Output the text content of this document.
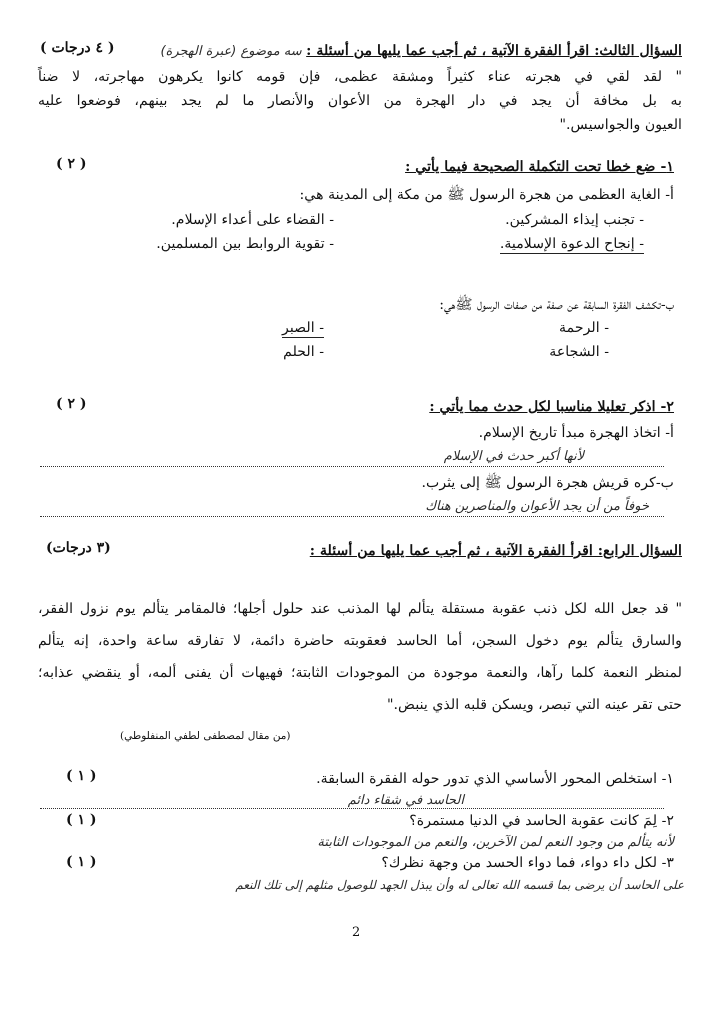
السؤال الثالث: اقرأ الفقرة الآتية ، ثم أجب عما يليها من أسئلة : سه موضوع (عبرة الهجرة)
( ٤ درجات )
" لقد لقي في هجرته عناء كثيراً ومشقة عظمى، فإن قومه كانوا يكرهون مهاجرته، لا ضناً
به بل مخافة أن يجد في دار الهجرة من الأعوان والأنصار ما لم يجد بينهم، فوضعوا عليه
العيون والجواسيس."
١- ضع خطا تحت التكملة الصحيحة فيما يأتي :
( ٢ )
أ- الغاية العظمى من هجرة الرسول ﷺ من مكة إلى المدينة هي:
- تجنب إيذاء المشركين.
- القضاء على أعداء الإسلام.
- إنجاح الدعوة الإسلامية.
- تقوية الروابط بين المسلمين.
ب-تكشف الفقرة السابقة عن صفة من صفات الرسول ﷺهي:
- الرحمة
- الصبر
- الشجاعة
- الحلم
٢- اذكر تعليلا مناسبا لكل حدث مما يأتي :
( ٢ )
أ- اتخاذ الهجرة مبدأ تاريخ الإسلام.
لأنها أكبر حدث في الإسلام
ب-كره قريش هجرة الرسول ﷺ إلى يثرب.
خوفاً من أن يجد الأعوان والمناصرين هناك
السؤال الرابع: اقرأ الفقرة الآتية ، ثم أجب عما يليها من أسئلة :
(٣ درجات)
" قد جعل الله لكل ذنب عقوبة مستقلة يتألم لها المذنب عند حلول أجلها؛ فالمقامر يتألم يوم نزول الفقر،
والسارق يتألم يوم دخول السجن، أما الحاسد فعقوبته حاضرة دائمة، لا تفارقه ساعة واحدة، إنه يتألم
لمنظر النعمة كلما رآها، والنعمة موجودة من الموجودات الثابتة؛ فهيهات أن يفنى ألمه، أو ينقضي عذابه؛
حتى تقر عينه التي تبصر، ويسكن قلبه الذي ينبض."
(من مقال لمصطفى لطفي المنفلوطي)
١- استخلص المحور الأساسي الذي تدور حوله الفقرة السابقة.
( ١ )
الحاسد في شقاء دائم
٢- لِمَ كانت عقوبة الحاسد في الدنيا مستمرة؟
( ١ )
لأنه يتألم من وجود النعم لمن الآخرين، والنعم من الموجودات الثابتة
٣- لكل داء دواء، فما دواء الحسد من وجهة نظرك؟
( ١ )
على الحاسد أن يرضى بما قسمه الله تعالى له وأن يبذل الجهد للوصول مثلهم إلى تلك النعم
2
